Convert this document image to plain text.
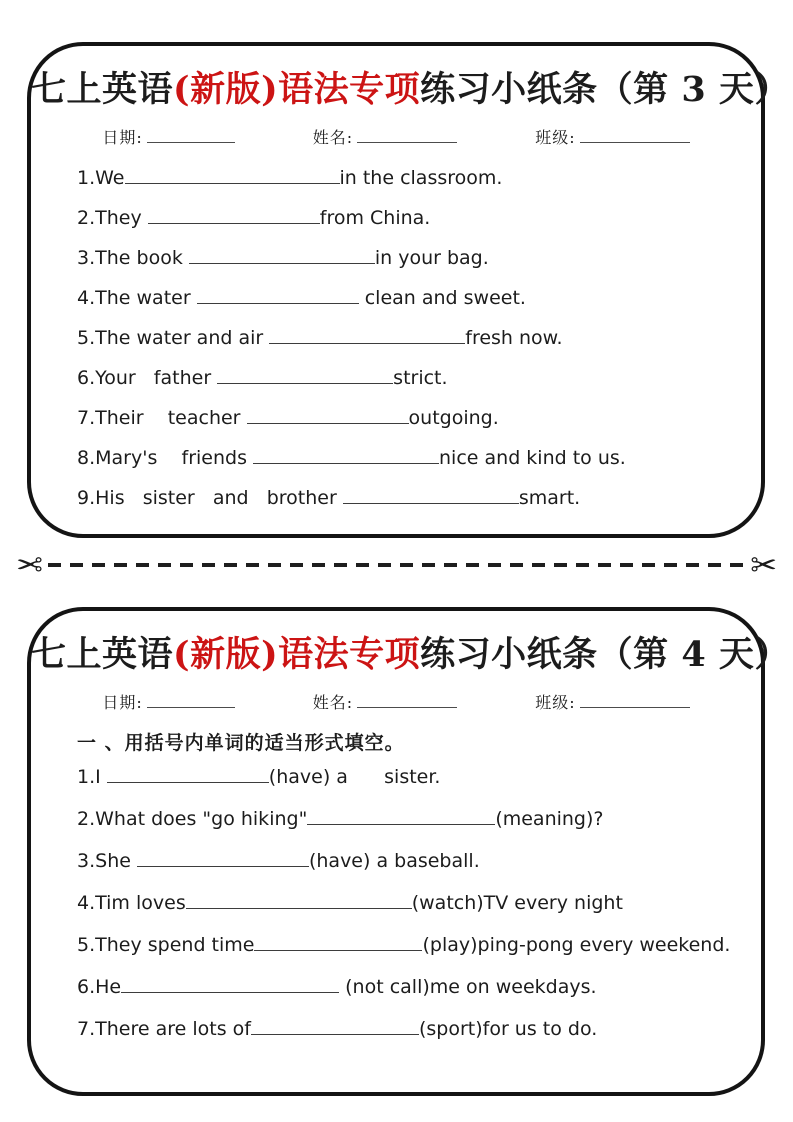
七上英语(新版)语法专项练习小纸条（第 3 天）
日期:	姓名:	班级:
1.We	in the classroom.
2.They	from China.
3.The book	in your bag.
4.The water	clean and sweet.
5.The water and air	fresh now.
6.Your   father	strict.
7.Their    teacher	outgoing.
8.Mary's    friends	nice and kind to us.
9.His   sister   and   brother	smart.
✂	✂
七上英语(新版)语法专项练习小纸条（第 4 天）
日期:	姓名:	班级:
一 、用括号内单词的适当形式填空。
1.I	(have) a      sister.
2.What does "go hiking"	(meaning)?
3.She	(have) a baseball.
4.Tim loves	(watch)TV every night
5.They spend time	(play)ping-pong every weekend.
6.He	(not call)me on weekdays.
7.There are lots of	(sport)for us to do.
